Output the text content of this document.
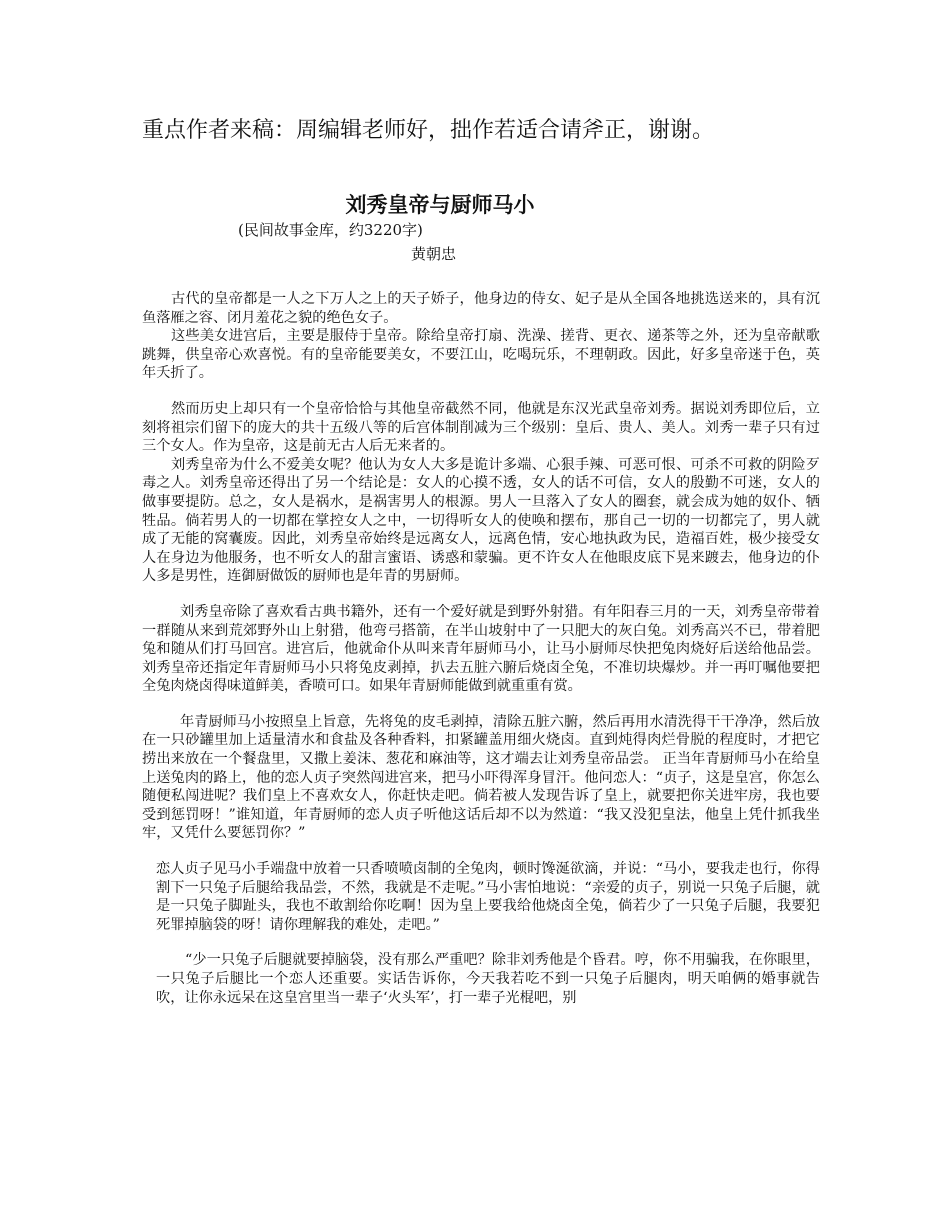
重点作者来稿：周编辑老师好，拙作若适合请斧正，谢谢。
刘秀皇帝与厨师马小
(民间故事金库，约3220字)
黄朝忠

古代的皇帝都是一人之下万人之上的天子娇子，他身边的侍女、妃子是从全国各地挑选送来的，具有沉鱼落雁之容、闭月羞花之貌的绝色女子。

这些美女进宫后，主要是服侍于皇帝。除给皇帝打扇、洗澡、搓背、更衣、递茶等之外，还为皇帝献歌跳舞，供皇帝心欢喜悦。有的皇帝能要美女，不要江山，吃喝玩乐，不理朝政。因此，好多皇帝迷于色，英年夭折了。

然而历史上却只有一个皇帝恰恰与其他皇帝截然不同，他就是东汉光武皇帝刘秀。据说刘秀即位后，立刻将祖宗们留下的庞大的共十五级八等的后宫体制削减为三个级别：皇后、贵人、美人。刘秀一辈子只有过三个女人。作为皇帝，这是前无古人后无来者的。

刘秀皇帝为什么不爱美女呢？他认为女人大多是诡计多端、心狠手辣、可恶可恨、可杀不可救的阴险歹毒之人。刘秀皇帝还得出了另一个结论是：女人的心摸不透，女人的话不可信，女人的殷勤不可迷，女人的做事要提防。总之，女人是祸水，是祸害男人的根源。男人一旦落入了女人的圈套，就会成为她的奴仆、牺牲品。倘若男人的一切都在掌控女人之中，一切得听女人的使唤和摆布，那自己一切的一切都完了，男人就成了无能的窝囊废。因此，刘秀皇帝始终是远离女人，远离色情，安心地执政为民，造福百姓，极少接受女人在身边为他服务，也不听女人的甜言蜜语、诱惑和蒙骗。更不许女人在他眼皮底下晃来踱去，他身边的仆人多是男性，连御厨做饭的厨师也是年青的男厨师。

刘秀皇帝除了喜欢看古典书籍外，还有一个爱好就是到野外射猎。有年阳春三月的一天，刘秀皇帝带着一群随从来到荒郊野外山上射猎，他弯弓搭箭，在半山坡射中了一只肥大的灰白兔。刘秀高兴不已，带着肥兔和随从们打马回宫。进宫后，他就命仆从叫来青年厨师马小，让马小厨师尽快把兔肉烧好后送给他品尝。刘秀皇帝还指定年青厨师马小只将兔皮剥掉，扒去五脏六腑后烧卤全兔，不准切块爆炒。并一再叮嘱他要把全兔肉烧卤得味道鲜美，香喷可口。如果年青厨师能做到就重重有赏。

年青厨师马小按照皇上旨意，先将兔的皮毛剥掉，清除五脏六腑，然后再用水清洗得干干净净，然后放在一只砂罐里加上适量清水和食盐及各种香料，扣紧罐盖用细火烧卤。直到炖得肉烂骨脱的程度时，才把它捞出来放在一个餐盘里，又撒上姜沫、葱花和麻油等，这才端去让刘秀皇帝品尝。 正当年青厨师马小在给皇上送兔肉的路上，他的恋人贞子突然闯进宫来，把马小吓得浑身冒汗。他问恋人：“贞子，这是皇宫，你怎么随便私闯进呢？我们皇上不喜欢女人，你赶快走吧。倘若被人发现告诉了皇上，就要把你关进牢房，我也要受到惩罚呀！”谁知道，年青厨师的恋人贞子听他这话后却不以为然道：“我又没犯皇法，他皇上凭什抓我坐牢，又凭什么要惩罚你？”

恋人贞子见马小手端盘中放着一只香喷喷卤制的全兔肉，顿时馋涎欲滴，并说：“马小，要我走也行，你得割下一只兔子后腿给我品尝，不然，我就是不走呢。”马小害怕地说：“亲爱的贞子，别说一只兔子后腿，就是一只兔子脚趾头，我也不敢割给你吃啊！因为皇上要我给他烧卤全兔，倘若少了一只兔子后腿，我要犯死罪掉脑袋的呀！请你理解我的难处，走吧。”

“少一只兔子后腿就要掉脑袋，没有那么严重吧？除非刘秀他是个昏君。哼，你不用骗我，在你眼里，一只兔子后腿比一个恋人还重要。实话告诉你，今天我若吃不到一只兔子后腿肉，明天咱俩的婚事就告吹，让你永远呆在这皇宫里当一辈子‘火头军’，打一辈子光棍吧，别
